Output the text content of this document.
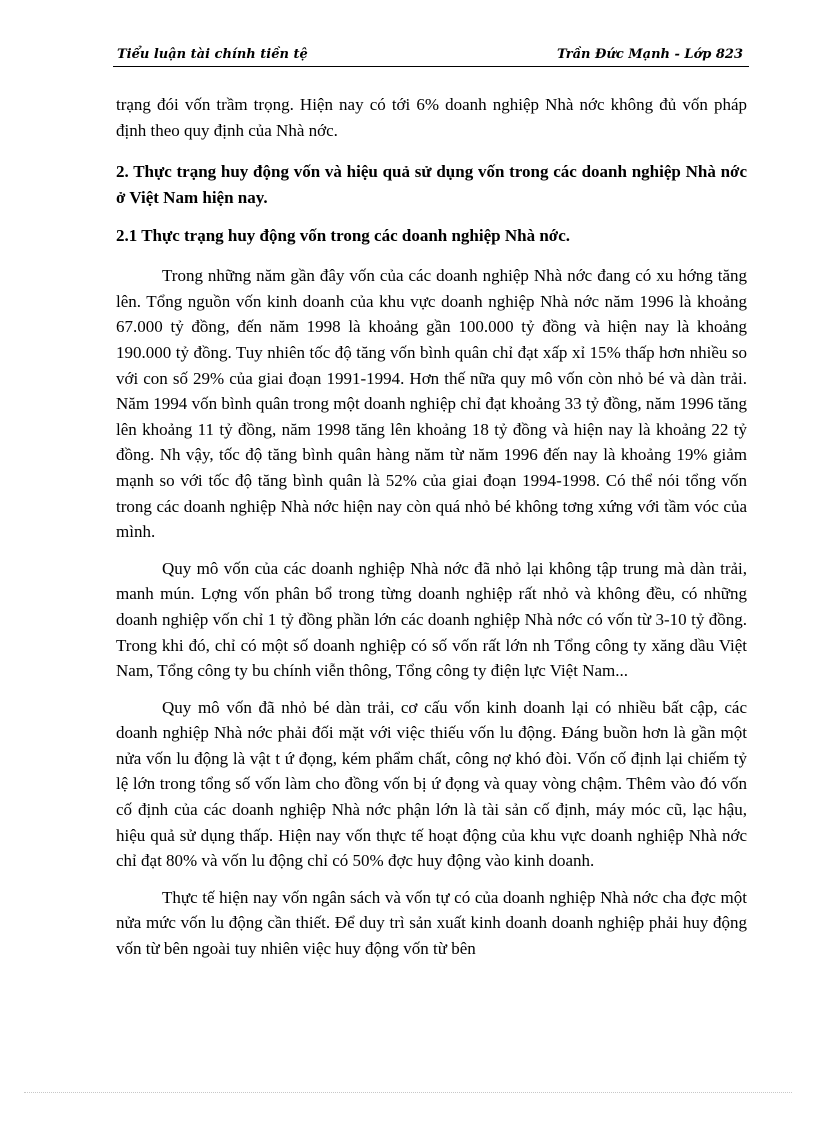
Tiểu luận tài chính tiền tệ	Trần Đức Mạnh - Lớp 823

trạng đói vốn trầm trọng. Hiện nay có tới 6% doanh nghiệp Nhà nớc không đủ vốn pháp định theo quy định của Nhà nớc.

2. Thực trạng huy động vốn và hiệu quả sử dụng vốn trong các doanh nghiệp Nhà nớc ở Việt Nam hiện nay.
2.1 Thực trạng huy động vốn trong các doanh nghiệp Nhà nớc.

Trong những năm gần đây vốn của các doanh nghiệp Nhà nớc đang có xu hớng tăng lên. Tổng nguồn vốn kinh doanh của khu vực doanh nghiệp Nhà nớc năm 1996 là khoảng 67.000 tỷ đồng, đến năm 1998 là khoảng gần 100.000 tỷ đồng và hiện nay là khoảng 190.000 tỷ đồng. Tuy nhiên tốc độ tăng vốn bình quân chỉ đạt xấp xỉ 15% thấp hơn nhiều so với con số 29% của giai đoạn 1991-1994. Hơn thế nữa quy mô vốn còn nhỏ bé và dàn trải. Năm 1994 vốn bình quân trong một doanh nghiệp chỉ đạt khoảng 33 tỷ đồng, năm 1996 tăng lên khoảng 11 tỷ đồng, năm 1998 tăng lên khoảng 18 tỷ đồng và hiện nay là khoảng 22 tỷ đồng. Nh vậy, tốc độ tăng bình quân hàng năm từ năm 1996 đến nay là khoảng 19% giảm mạnh so với tốc độ tăng bình quân là 52% của giai đoạn 1994-1998. Có thể nói tổng vốn trong các doanh nghiệp Nhà nớc hiện nay còn quá nhỏ bé không tơng xứng với tầm vóc của mình.

Quy mô vốn của các doanh nghiệp Nhà nớc đã nhỏ lại không tập trung mà dàn trải, manh mún. Lợng vốn phân bổ trong từng doanh nghiệp rất nhỏ và không đều, có những doanh nghiệp vốn chỉ 1 tỷ đồng phần lớn các doanh nghiệp Nhà nớc có vốn từ 3-10 tỷ đồng. Trong khi đó, chỉ có một số doanh nghiệp có số vốn rất lớn nh Tổng công ty xăng dầu Việt Nam, Tổng công ty bu chính viễn thông, Tổng công ty điện lực Việt Nam...

Quy mô vốn đã nhỏ bé dàn trải, cơ cấu vốn kinh doanh lại có nhiều bất cập, các doanh nghiệp Nhà nớc phải đối mặt với việc thiếu vốn lu động. Đáng buồn hơn là gần một nửa vốn lu động là vật t ứ đọng, kém phẩm chất, công nợ khó đòi. Vốn cố định lại chiếm tỷ lệ lớn trong tổng số vốn làm cho đồng vốn bị ứ đọng và quay vòng chậm. Thêm vào đó vốn cố định của các doanh nghiệp Nhà nớc phận lớn là tài sản cố định, máy móc cũ, lạc hậu, hiệu quả sử dụng thấp. Hiện nay vốn thực tế hoạt động của khu vực doanh nghiệp Nhà nớc chỉ đạt 80% và vốn lu động chỉ có 50% đợc huy động vào kinh doanh.

Thực tế hiện nay vốn ngân sách và vốn tự có của doanh nghiệp Nhà nớc cha đợc một nửa mức vốn lu động cần thiết. Để duy trì sản xuất kinh doanh doanh nghiệp phải huy động vốn từ bên ngoài tuy nhiên việc huy động vốn từ bên
